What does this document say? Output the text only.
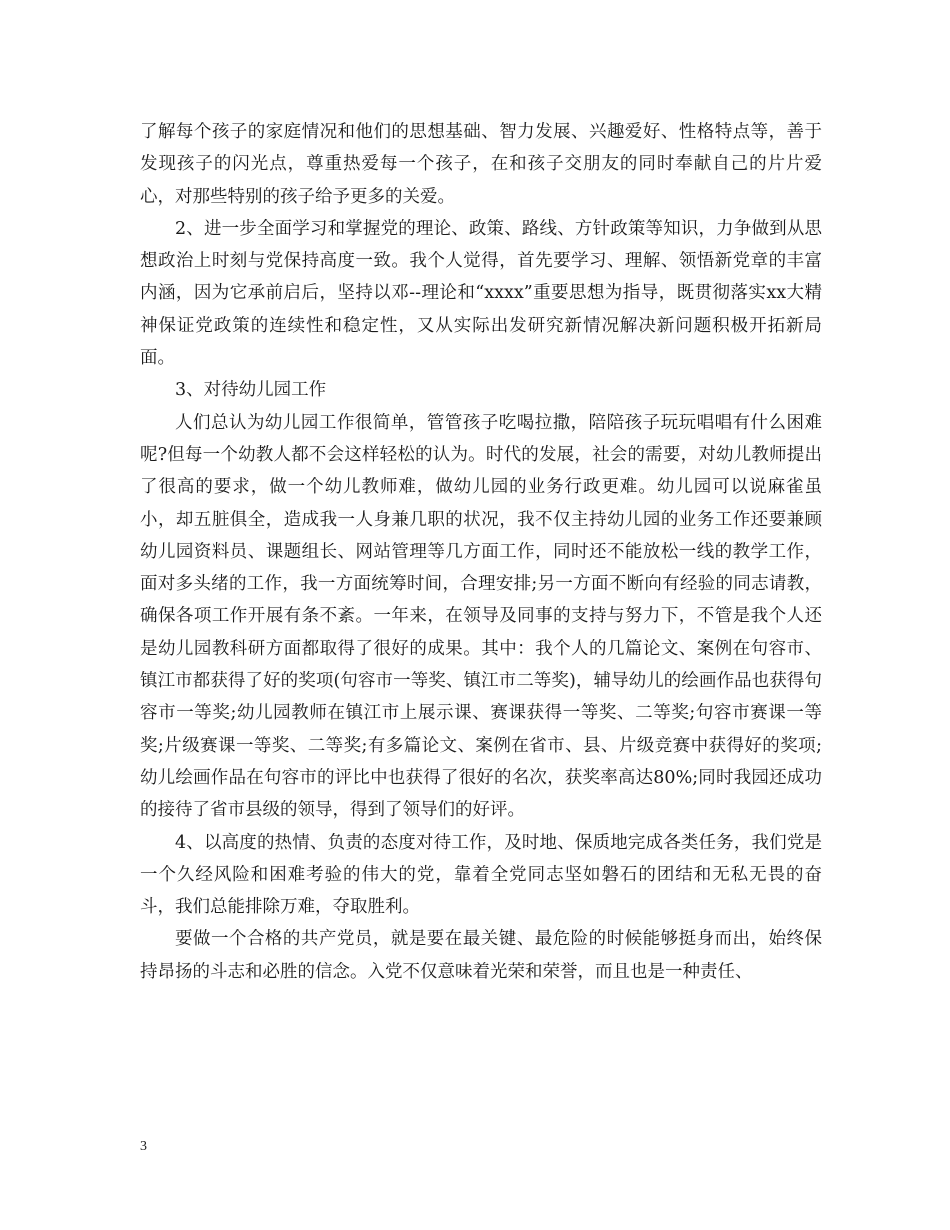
了解每个孩子的家庭情况和他们的思想基础、智力发展、兴趣爱好、性格特点等，善于发现孩子的闪光点，尊重热爱每一个孩子，在和孩子交朋友的同时奉献自己的片片爱心，对那些特别的孩子给予更多的关爱。

2、进一步全面学习和掌握党的理论、政策、路线、方针政策等知识，力争做到从思想政治上时刻与党保持高度一致。我个人觉得，首先要学习、理解、领悟新党章的丰富内涵，因为它承前启后，坚持以邓--理论和“xxxx”重要思想为指导，既贯彻落实xx大精神保证党政策的连续性和稳定性，又从实际出发研究新情况解决新问题积极开拓新局面。

3、对待幼儿园工作

人们总认为幼儿园工作很简单，管管孩子吃喝拉撒，陪陪孩子玩玩唱唱有什么困难呢?但每一个幼教人都不会这样轻松的认为。时代的发展，社会的需要，对幼儿教师提出了很高的要求，做一个幼儿教师难，做幼儿园的业务行政更难。幼儿园可以说麻雀虽小，却五脏俱全，造成我一人身兼几职的状况，我不仅主持幼儿园的业务工作还要兼顾幼儿园资料员、课题组长、网站管理等几方面工作，同时还不能放松一线的教学工作，面对多头绪的工作，我一方面统筹时间，合理安排;另一方面不断向有经验的同志请教，确保各项工作开展有条不紊。一年来，在领导及同事的支持与努力下，不管是我个人还是幼儿园教科研方面都取得了很好的成果。其中：我个人的几篇论文、案例在句容市、镇江市都获得了好的奖项(句容市一等奖、镇江市二等奖)，辅导幼儿的绘画作品也获得句容市一等奖;幼儿园教师在镇江市上展示课、赛课获得一等奖、二等奖;句容市赛课一等奖;片级赛课一等奖、二等奖;有多篇论文、案例在省市、县、片级竞赛中获得好的奖项;幼儿绘画作品在句容市的评比中也获得了很好的名次，获奖率高达80%;同时我园还成功的接待了省市县级的领导，得到了领导们的好评。

4、以高度的热情、负责的态度对待工作，及时地、保质地完成各类任务，我们党是一个久经风险和困难考验的伟大的党，靠着全党同志坚如磐石的团结和无私无畏的奋斗，我们总能排除万难，夺取胜利。

要做一个合格的共产党员，就是要在最关键、最危险的时候能够挺身而出，始终保持昂扬的斗志和必胜的信念。入党不仅意味着光荣和荣誉，而且也是一种责任、

3
